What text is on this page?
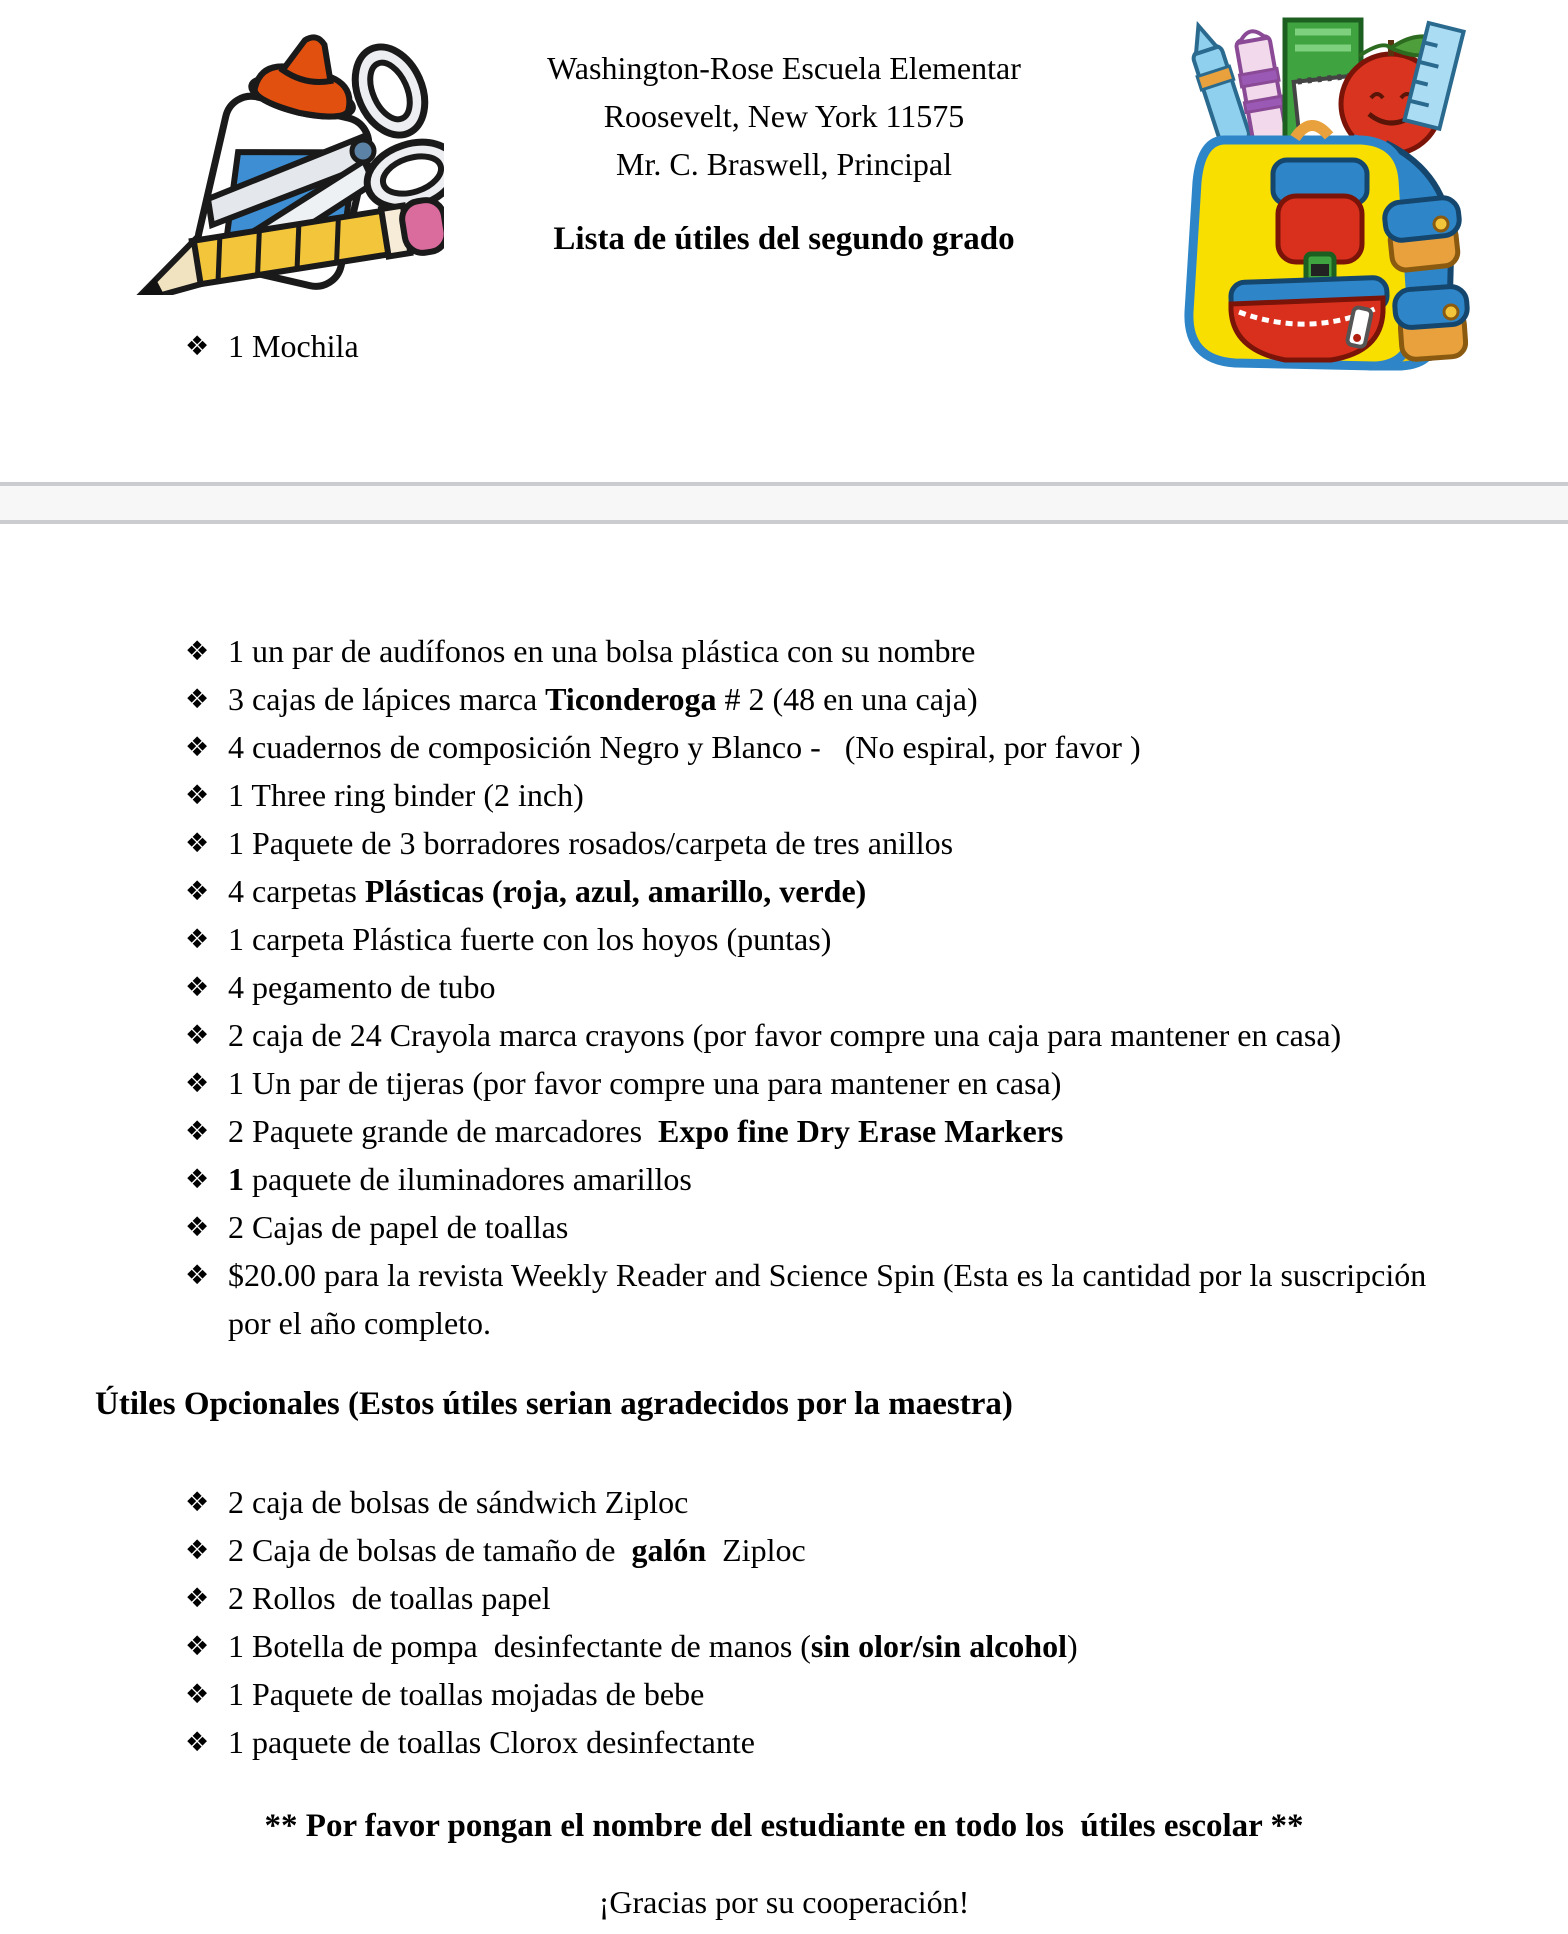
Washington-Rose Escuela Elementar
Roosevelt, New York 11575
Mr. C. Braswell, Principal
Lista de útiles del segundo grado
❖ 1 Mochila
❖ 1 un par de audífonos en una bolsa plástica con su nombre
❖ 3 cajas de lápices marca Ticonderoga # 2 (48 en una caja)
❖ 4 cuadernos de composición Negro y Blanco -   (No espiral, por favor )
❖ 1 Three ring binder (2 inch)
❖ 1 Paquete de 3 borradores rosados/carpeta de tres anillos
❖ 4 carpetas Plásticas (roja, azul, amarillo, verde)
❖ 1 carpeta Plástica fuerte con los hoyos (puntas)
❖ 4 pegamento de tubo
❖ 2 caja de 24 Crayola marca crayons (por favor compre una caja para mantener en casa)
❖ 1 Un par de tijeras (por favor compre una para mantener en casa)
❖ 2 Paquete grande de marcadores  Expo fine Dry Erase Markers
❖ 1 paquete de iluminadores amarillos
❖ 2 Cajas de papel de toallas
❖ $20.00 para la revista Weekly Reader and Science Spin (Esta es la cantidad por la suscripción por el año completo.
Útiles Opcionales (Estos útiles serian agradecidos por la maestra)
❖ 2 caja de bolsas de sándwich Ziploc
❖ 2 Caja de bolsas de tamaño de  galón  Ziploc
❖ 2 Rollos  de toallas papel
❖ 1 Botella de pompa  desinfectante de manos (sin olor/sin alcohol)
❖ 1 Paquete de toallas mojadas de bebe
❖ 1 paquete de toallas Clorox desinfectante
** Por favor pongan el nombre del estudiante en todo los  útiles escolar **
¡Gracias por su cooperación!
